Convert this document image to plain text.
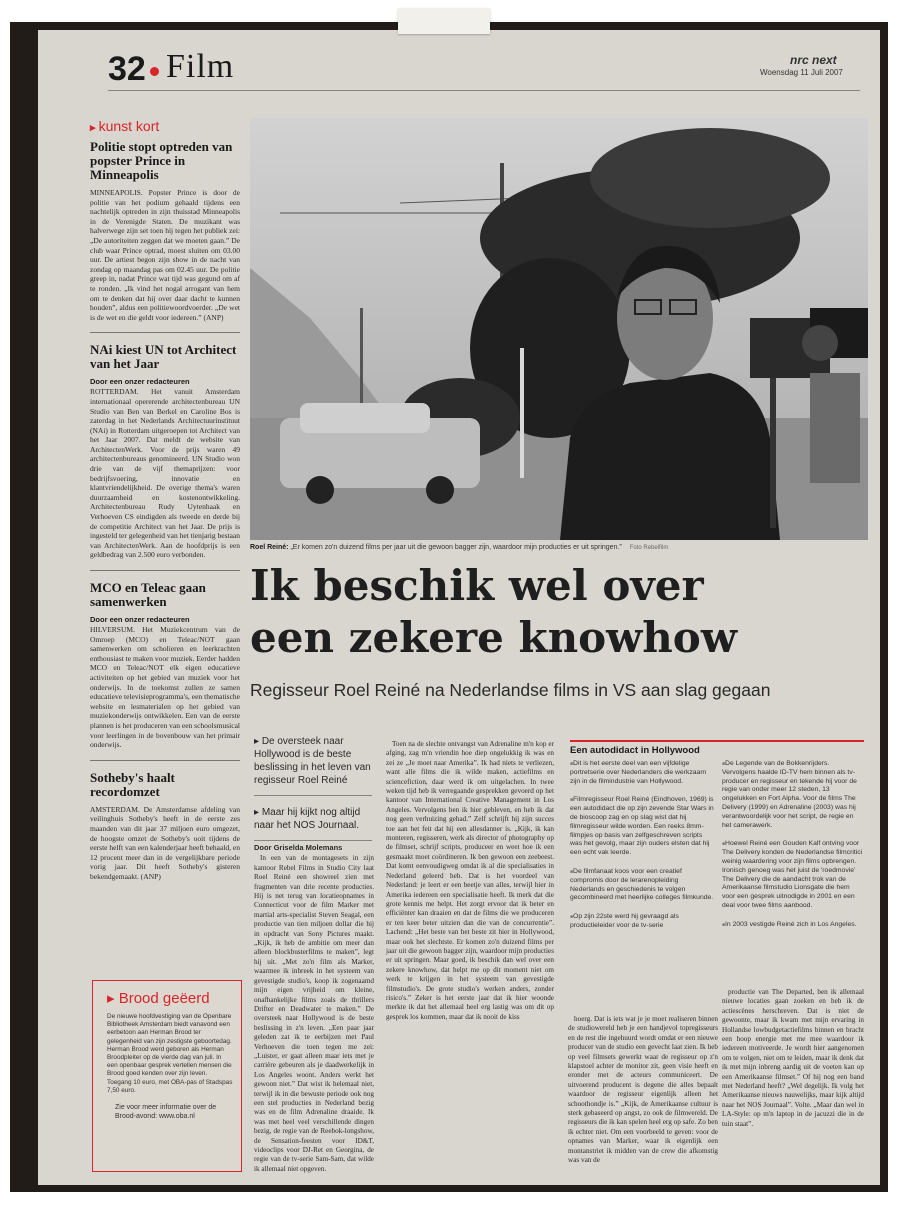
32 Film	nrc next
Woensdag 11 Juli 2007
▸ kunst kort
Politie stopt optreden van popster Prince in Minneapolis

MINNEAPOLIS. Popster Prince is door de politie van het podium gehaald tijdens een nachtelijk optreden in zijn thuisstad Minneapolis in de Verenigde Staten. De muzikant was halverwege zijn set toen hij tegen het publiek zei: „De autoriteiten zeggen dat we moeten gaan.” De club waar Prince optrad, moest sluiten om 03.00 uur. De artiest begon zijn show in de nacht van zondag op maandag pas om 02.45 uur. De politie greep in, nadat Prince wat tijd was gegund om af te ronden. „Ik vind het nogal arrogant van hem om te denken dat hij over daar dacht te kunnen houden”, aldus een politiewoordvoerder. „De wet is de wet en die geldt voor iedereen.” (ANP)

NAi kiest UN tot Architect van het Jaar
Door een onzer redacteuren

ROTTERDAM. Het vanuit Amsterdam internationaal opererende architectenbureau UN Studio van Ben van Berkel en Caroline Bos is zaterdag in het Nederlands Architectuurinstituut (NAi) in Rotterdam uitgeroepen tot Architect van het Jaar 2007. Dat meldt de website van ArchitectenWerk. Voor de prijs waren 49 architectenbureaus genomineerd. UN Studio won drie van de vijf themaprijzen: voor bedrijfsvoering, innovatie en klantvriendelijkheid. De overige thema's waren duurzaamheid en kostenontwikkeling. Architectenbureau Rudy Uytenhaak en Verhoeven CS eindigden als tweede en derde bij de competitie Architect van het Jaar. De prijs is ingesteld ter gelegenheid van het tienjarig bestaan van ArchitectenWerk. Aan de hoofdprijs is een geldbedrag van 2.500 euro verbonden.

MCO en Teleac gaan samenwerken
Door een onzer redacteuren

HILVERSUM. Het Muziekcentrum van de Omroep (MCO) en Teleac/NOT gaan samenwerken om scholieren en leerkrachten enthousiast te maken voor muziek. Eerder hadden MCO en Teleac/NOT elk eigen educatieve activiteiten op het gebied van muziek voor het onderwijs. In de toekomst zullen ze samen educatieve televisieprogramma's, een thematische website en lesmaterialen op het gebied van muziekonderwijs ontwikkelen. Een van de eerste plannen is het produceren van een schoolsmusical voor leerlingen in de bovenbouw van het primair onderwijs.

Sotheby's haalt recordomzet

AMSTERDAM. De Amsterdamse afdeling van veilinghuis Sotheby's heeft in de eerste zes maanden van dit jaar 37 miljoen euro omgezet, de hoogste omzet de Sotheby's ooit tijdens de eerste helft van een kalenderjaar heeft behaald, en 12 procent meer dan in de vergelijkbare periode vorig jaar. Dit heeft Sotheby's gisteren bekendgemaakt. (ANP)

▸ Brood geëerd

De nieuwe hoofdvestiging van de Openbare Bibliotheek Amsterdam biedt vanavond een eerbetoon aan Herman Brood ter gelegenheid van zijn zestigste geboortedag. Herman Brood werd geboren als Herman Broodpleiter op de vierde dag van juli. In een openbaar gesprek vertellen mensen die Brood goed kenden over zijn leven. Toegang 10 euro, met OBA-pas of Stadspas 7,50 euro.

Zie voor meer informatie over de Brood-avond: www.oba.nl

Roel Reiné: „Er komen zo'n duizend films per jaar uit die gewoon bagger zijn, waardoor mijn producties er uit springen.” Foto Rebelfilm
Ik beschik wel over
een zekere knowhow
Regisseur Roel Reiné na Nederlandse films in VS aan slag gegaan

▸ De oversteek naar Hollywood is de beste beslissing in het leven van regisseur Roel Reiné

▸ Maar hij kijkt nog altijd naar het NOS Journaal.

Door Griselda Molemans

In een van de montagesets in zijn kantoor Rebel Films in Studio City laat Roel Reiné een showreel zien met fragmenten van drie recente producties. Hij is net terug van locatieopnames in Connecticut voor de film Marker met martial arts-specialist Steven Seagal, een productie van tien miljoen dollar die hij in opdracht van Sony Pictures maakt. „Kijk, ik heb de ambitie om meer dan alleen blockbusterfilms te maken”, legt hij uit. „Met zo'n film als Marker, waarmee ik inbreek in het systeem van gevestigde studio's, koop ik zogenaamd mijn eigen vrijheid om kleine, onafhankelijke films zoals de thrillers Drifter en Deadwater te maken.” De oversteek naar Hollywood is de beste beslissing in z'n leven. „Een paar jaar geleden zat ik te eerbijzen met Paul Verhoeven die toen tegen me zei: „Luister, er gaat alleen maar iets met je carrière gebeuren als je daadwerkelijk in Los Angeles woont. Anders werkt het gewoon niet.” Dat wist ik helemaal niet, terwijl ik in die bewuste periode ook nog een stel producties in Nederland bezig was en de film Adrenaline draaide. Ik was met heel veel verschillende dingen bezig, de regie van de Reebok-longshow, de Sensation-feesten voor ID&T, videoclips voor DJ-Ret en Georgina, de regie van de tv-serie Sam-Sam, dat wilde ik allemaal niet opgeven.

Toen na de slechte ontvangst van Adrenaline m'n kop er afging, zag m'n vriendin hoe diep ongelukkig ik was en zei ze „Je moet naar Amerika”. Ik had niets te verliezen, want alle films die ik wilde maken, actiefilms en sciencefiction, daar werd ik om uitgelachen. In twee weken tijd heb ik verregaande gesprekken gevoerd op het kantoor van International Creative Management in Los Angeles. Vervolgens ben ik hier gebleven, en heb ik dat nog geen verhuizing gehad.” Zelf schrijft hij zijn succes toe aan het feit dat hij een allesdanner is. „Kijk, ik kan monteren, regisseren, werk als director of photography op de filmset, schrijf scripts, produceer en weet hoe ik een gesmaakt moet coördineren. Ik ben gewoon een zeebeest. Dat komt eenvoudigweg omdat ik al die specialisaties in Nederland geleerd heb. Dat is het voordeel van Nederland: je leert er een beetje van alles, terwijl hier in Amerika iedereen een specialisatie heeft. Ik merk dat die grote kennis me helpt. Het zorgt ervoor dat ik beter en efficiënter kan draaien en dat de films die we produceren er ten keer beter uitzien dan die van de concurrentie”. Lachend: „Het beste van het beste zit hier in Hollywood, maar ook het slechtste. Er komen zo'n duizend films per jaar uit die gewoon bagger zijn, waardoor mijn producties er uit springen. Maar goed, ik beschik dan wel over een zekere knowhow, dat helpt me op dit moment niet om werk te krijgen in het systeem van gevestigde filmstudio's. De grote studio's werken anders, zonder risico's.” Zeker is het eerste jaar dat ik hier woonde merkte ik dat het allemaal heel erg lastig was om dit op gesprek los kommen, maar dat ik nooit de kiss	hoerg. Dat is iets wat je je moet realiseren binnen de studiowereld heb je een handjevol topregisseurs en de rest die ingehuurd wordt omdat er een nieuwe producer van de studio een gevecht laat zien. Ik heb op veel filmsets gewerkt waar de regisseur op z'n klapstoel achter de monitor zit, geen visie heeft en eronder met de acteurs communiceert. De uitvoerend producent is degene die alles bepaalt waardoor de regisseur eigenlijk alleen het schoothondje is.” „Kijk, de Amerikaanse cultuur is sterk gebaseerd op angst, zo ook de filmwereld. De regisseurs die ik kan spelen heel erg op safe. Zo ben ik echter niet. Om een voorbeeld te geven: voor de opnames van Marker, waar ik eigenlijk een montanstriet ik midden van de crew die afkomstig was van de

productie van The Departed, ben ik allemaal nieuwe locaties gaan zoeken en heb ik de actiescènes herschreven. Dat is niet de gewoonte, maar ik kwam met mijn ervaring in Hollandse lowbudgetactiefilms binnen en bracht een hoop energie met me mee waardoor ik iedereen motiveerde. Je wordt hier aangenomen om te volgen, niet om te leiden, maar ik denk dat ik met mijn inbreng aardig uit de voeten kan op een Amerikaanse filmset.” Of hij nog een band met Nederland heeft? „Wel degelijk. Ik volg het Amerikaanse nieuws nauwelijks, maar kijk altijd naar het NOS Journaal”. Volte. „Maar dan wel in LA-Style: op m'n laptop in de jacuzzi die in de tuin staat”.

Een autodidact in Hollywood

■ Dit is het eerste deel van een vijfdelige portretserie over Nederlanders die werkzaam zijn in de filmindustrie van Hollywood.

■ Filmregisseur Roel Reiné (Eindhoven, 1969) is een autodidact die op zijn zevende Star Wars in de bioscoop zag en op slag wist dat hij filmregisseur wilde worden. Een reeks 8mm-filmpjes op basis van zelfgeschreven scripts was het gevolg, maar zijn ouders elsten dat hij een echt vak leerde.

■ De filmfanaat koos voor een creatief compromis door de lerarenopleiding Nederlands en geschiedenis te volgen gecombineerd met heerlijke colleges filmkunde.

■ Op zijn 22ste werd hij gevraagd als productieleider voor de tv-serie

■ De Legende van de Bokkenrijders. Vervolgens haalde ID-TV hem binnen als tv-producer en regisseur en tekende hij voor de regie van onder meer 12 steden, 13 ongelukken en Fort Alpha. Voor de films The Delivery (1999) en Adrenaline (2003) was hij verantwoordelijk voor het script, de regie en het camerawerk.

■ Hoewel Reiné een Gouden Kalf ontving voor The Delivery konden de Nederlandse filmcritici weinig waardering voor zijn films opbrengen. Ironisch genoeg was het juist de 'roedmovie' The Delivery die de aandacht trok van de Amerikaanse filmstudio Lionsgate die hem voor een gesprek uitnodigde in 2001 en een deal voor twee films aanbood.

■ In 2003 vestigde Reiné zich in Los Angeles.
